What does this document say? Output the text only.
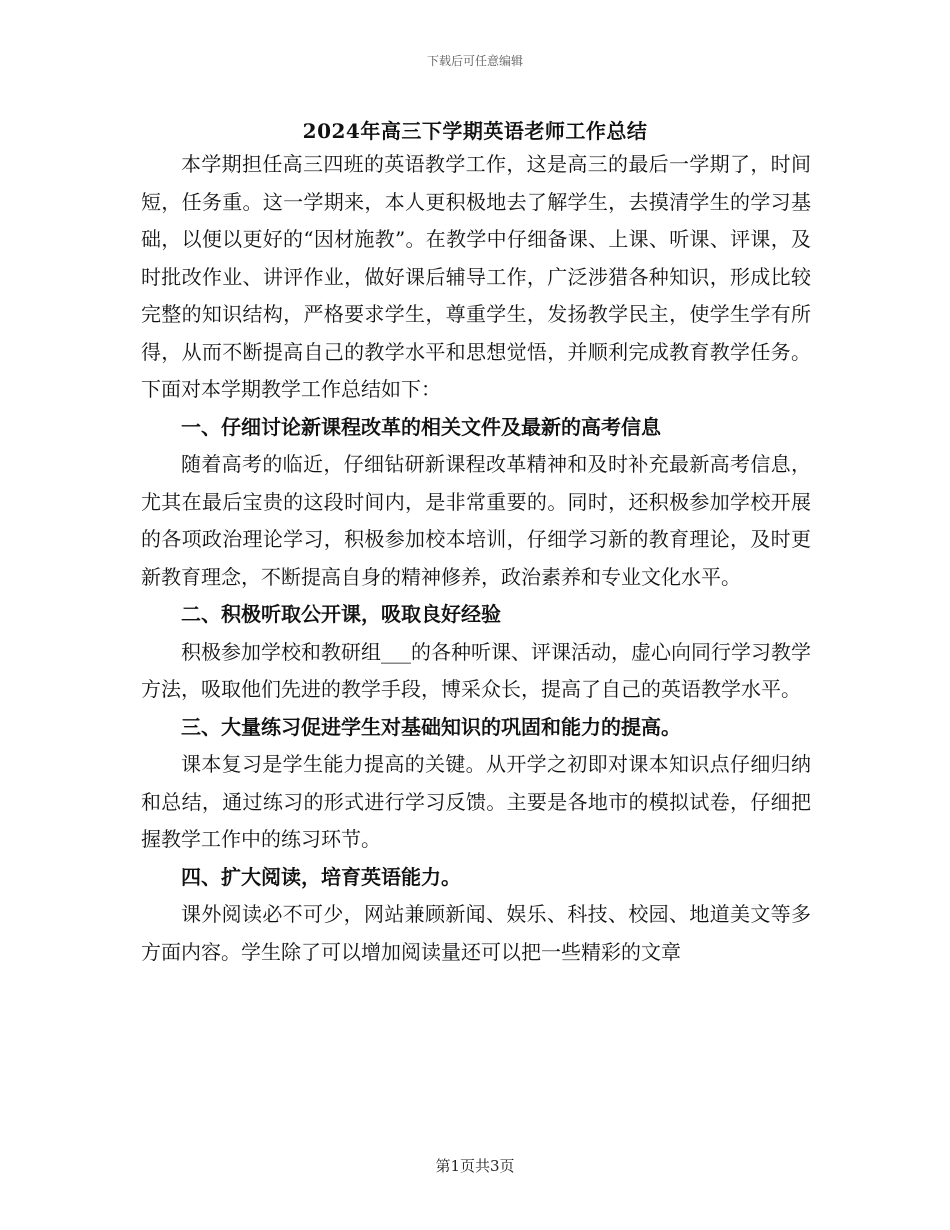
下载后可任意编辑
2024年高三下学期英语老师工作总结

本学期担任高三四班的英语教学工作，这是高三的最后一学期了，时间短，任务重。这一学期来，本人更积极地去了解学生，去摸清学生的学习基础，以便以更好的“因材施教”。在教学中仔细备课、上课、听课、评课，及时批改作业、讲评作业，做好课后辅导工作，广泛涉猎各种知识，形成比较完整的知识结构，严格要求学生，尊重学生，发扬教学民主，使学生学有所得，从而不断提高自己的教学水平和思想觉悟，并顺利完成教育教学任务。下面对本学期教学工作总结如下：

一、仔细讨论新课程改革的相关文件及最新的高考信息

随着高考的临近，仔细钻研新课程改革精神和及时补充最新高考信息，尤其在最后宝贵的这段时间内，是非常重要的。同时，还积极参加学校开展的各项政治理论学习，积极参加校本培训，仔细学习新的教育理论，及时更新教育理念，不断提高自身的精神修养，政治素养和专业文化水平。

二、积极听取公开课，吸取良好经验

积极参加学校和教研组___的各种听课、评课活动，虚心向同行学习教学方法，吸取他们先进的教学手段，博采众长，提高了自己的英语教学水平。

三、大量练习促进学生对基础知识的巩固和能力的提高。

课本复习是学生能力提高的关键。从开学之初即对课本知识点仔细归纳和总结，通过练习的形式进行学习反馈。主要是各地市的模拟试卷，仔细把握教学工作中的练习环节。

四、扩大阅读，培育英语能力。

课外阅读必不可少，网站兼顾新闻、娱乐、科技、校园、地道美文等多方面内容。学生除了可以增加阅读量还可以把一些精彩的文章

第1页共3页
